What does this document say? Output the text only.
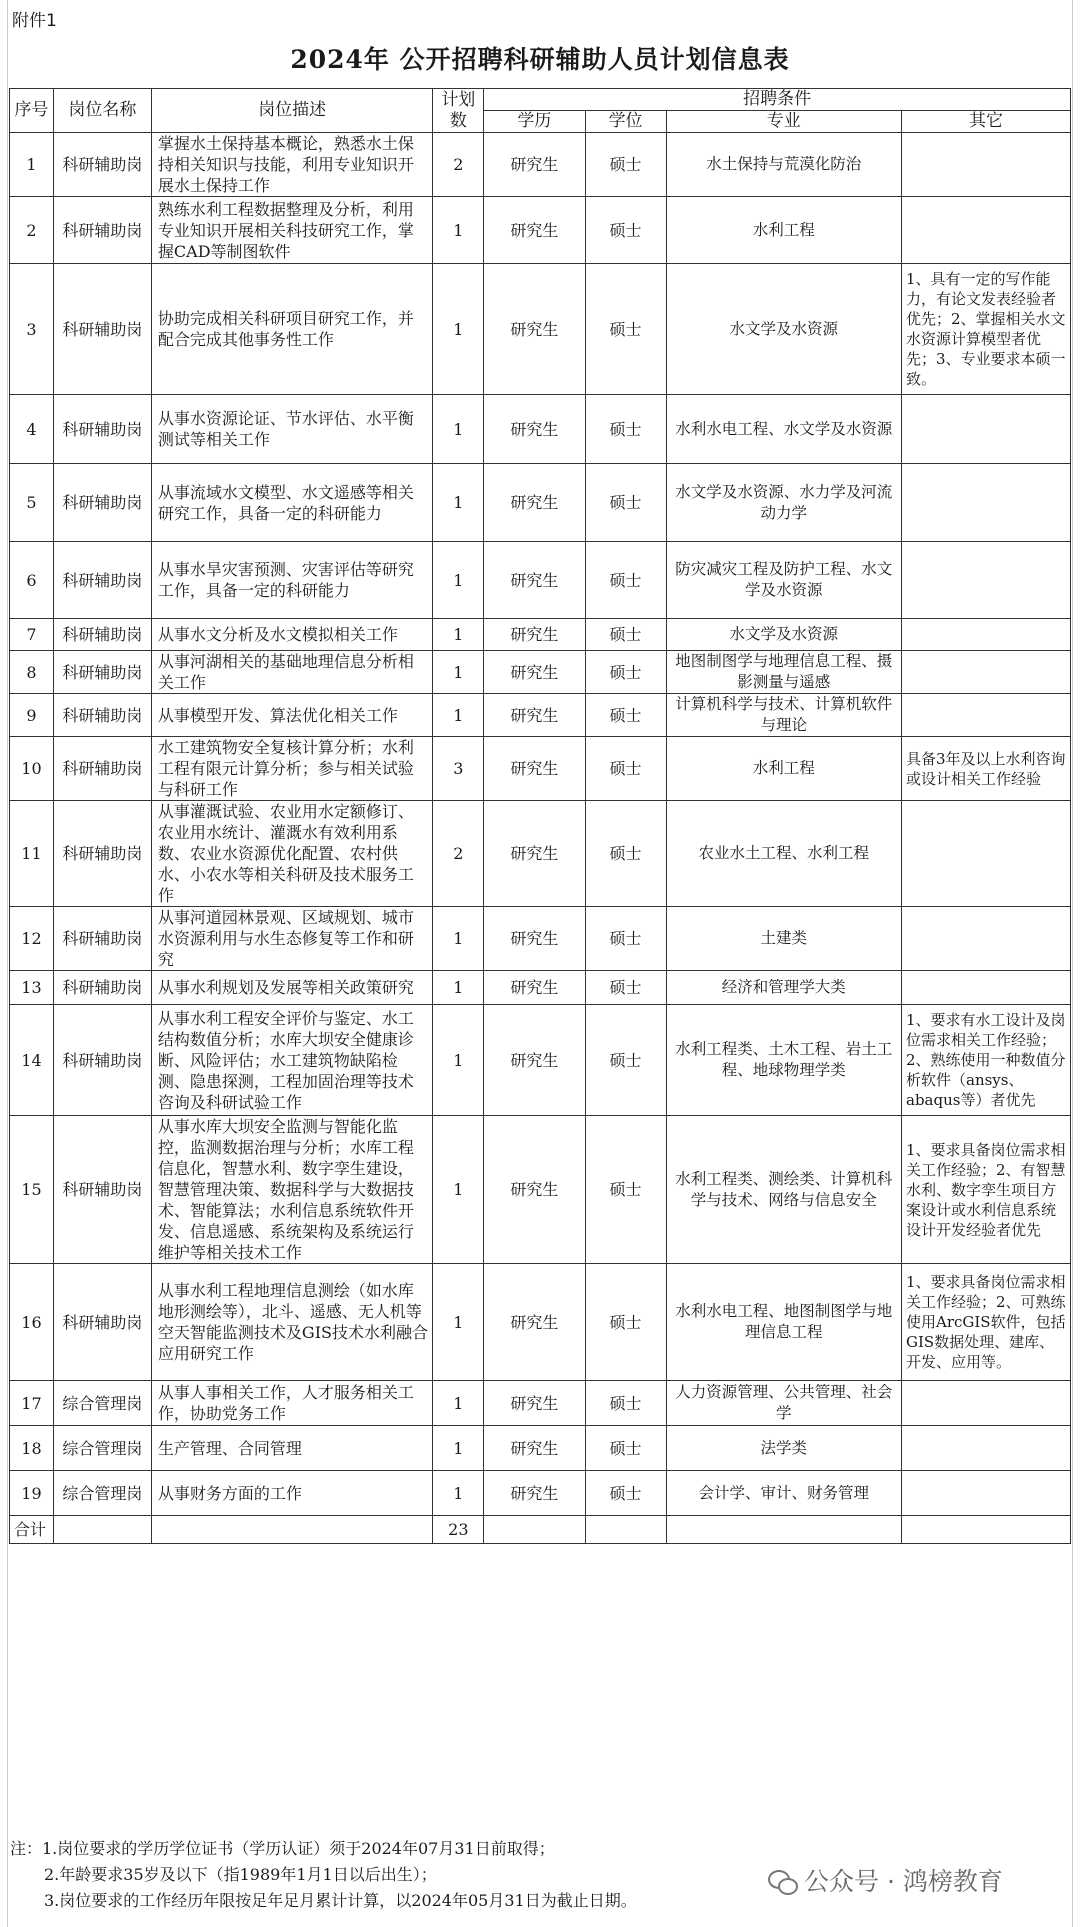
附件1
2024年 公开招聘科研辅助人员计划信息表
序号	岗位名称	岗位描述	计划数	招聘条件			
				学历	学位	专业	其它
1	科研辅助岗	掌握水土保持基本概论，熟悉水土保持相关知识与技能，利用专业知识开展水土保持工作	2	研究生	硕士	水土保持与荒漠化防治	
2	科研辅助岗	熟练水利工程数据整理及分析，利用专业知识开展相关科技研究工作，掌握CAD等制图软件	1	研究生	硕士	水利工程	
3	科研辅助岗	协助完成相关科研项目研究工作，并配合完成其他事务性工作	1	研究生	硕士	水文学及水资源	1、具有一定的写作能力，有论文发表经验者优先；2、掌握相关水文水资源计算模型者优先；3、专业要求本硕一致。
4	科研辅助岗	从事水资源论证、节水评估、水平衡测试等相关工作	1	研究生	硕士	水利水电工程、水文学及水资源	
5	科研辅助岗	从事流域水文模型、水文遥感等相关研究工作，具备一定的科研能力	1	研究生	硕士	水文学及水资源、水力学及河流动力学	
6	科研辅助岗	从事水旱灾害预测、灾害评估等研究工作，具备一定的科研能力	1	研究生	硕士	防灾减灾工程及防护工程、水文学及水资源	
7	科研辅助岗	从事水文分析及水文模拟相关工作	1	研究生	硕士	水文学及水资源	
8	科研辅助岗	从事河湖相关的基础地理信息分析相关工作	1	研究生	硕士	地图制图学与地理信息工程、摄影测量与遥感	
9	科研辅助岗	从事模型开发、算法优化相关工作	1	研究生	硕士	计算机科学与技术、计算机软件与理论	
10	科研辅助岗	水工建筑物安全复核计算分析；水利工程有限元计算分析；参与相关试验与科研工作	3	研究生	硕士	水利工程	具备3年及以上水利咨询或设计相关工作经验
11	科研辅助岗	从事灌溉试验、农业用水定额修订、农业用水统计、灌溉水有效利用系数、农业水资源优化配置、农村供水、小农水等相关科研及技术服务工作	2	研究生	硕士	农业水土工程、水利工程	
12	科研辅助岗	从事河道园林景观、区域规划、城市水资源利用与水生态修复等工作和研究	1	研究生	硕士	土建类	
13	科研辅助岗	从事水利规划及发展等相关政策研究	1	研究生	硕士	经济和管理学大类	
14	科研辅助岗	从事水利工程安全评价与鉴定、水工结构数值分析；水库大坝安全健康诊断、风险评估；水工建筑物缺陷检测、隐患探测，工程加固治理等技术咨询及科研试验工作	1	研究生	硕士	水利工程类、土木工程、岩土工程、地球物理学类	1、要求有水工设计及岗位需求相关工作经验；2、熟练使用一种数值分析软件（ansys、abaqus等）者优先
15	科研辅助岗	从事水库大坝安全监测与智能化监控，监测数据治理与分析；水库工程信息化，智慧水利、数字孪生建设，智慧管理决策、数据科学与大数据技术、智能算法；水利信息系统软件开发、信息遥感、系统架构及系统运行维护等相关技术工作	1	研究生	硕士	水利工程类、测绘类、计算机科学与技术、网络与信息安全	1、要求具备岗位需求相关工作经验；2、有智慧水利、数字孪生项目方案设计或水利信息系统设计开发经验者优先
16	科研辅助岗	从事水利工程地理信息测绘（如水库地形测绘等），北斗、遥感、无人机等空天智能监测技术及GIS技术水利融合应用研究工作	1	研究生	硕士	水利水电工程、地图制图学与地理信息工程	1、要求具备岗位需求相关工作经验；2、可熟练使用ArcGIS软件，包括GIS数据处理、建库、开发、应用等。
17	综合管理岗	从事人事相关工作，人才服务相关工作，协助党务工作	1	研究生	硕士	人力资源管理、公共管理、社会学	
18	综合管理岗	生产管理、合同管理	1	研究生	硕士	法学类	
19	综合管理岗	从事财务方面的工作	1	研究生	硕士	会计学、审计、财务管理	
合计			23				
注：1.岗位要求的学历学位证书（学历认证）须于2024年07月31日前取得；
2.年龄要求35岁及以下（指1989年1月1日以后出生）；
3.岗位要求的工作经历年限按足年足月累计计算，以2024年05月31日为截止日期。
公众号 · 鸿榜教育
